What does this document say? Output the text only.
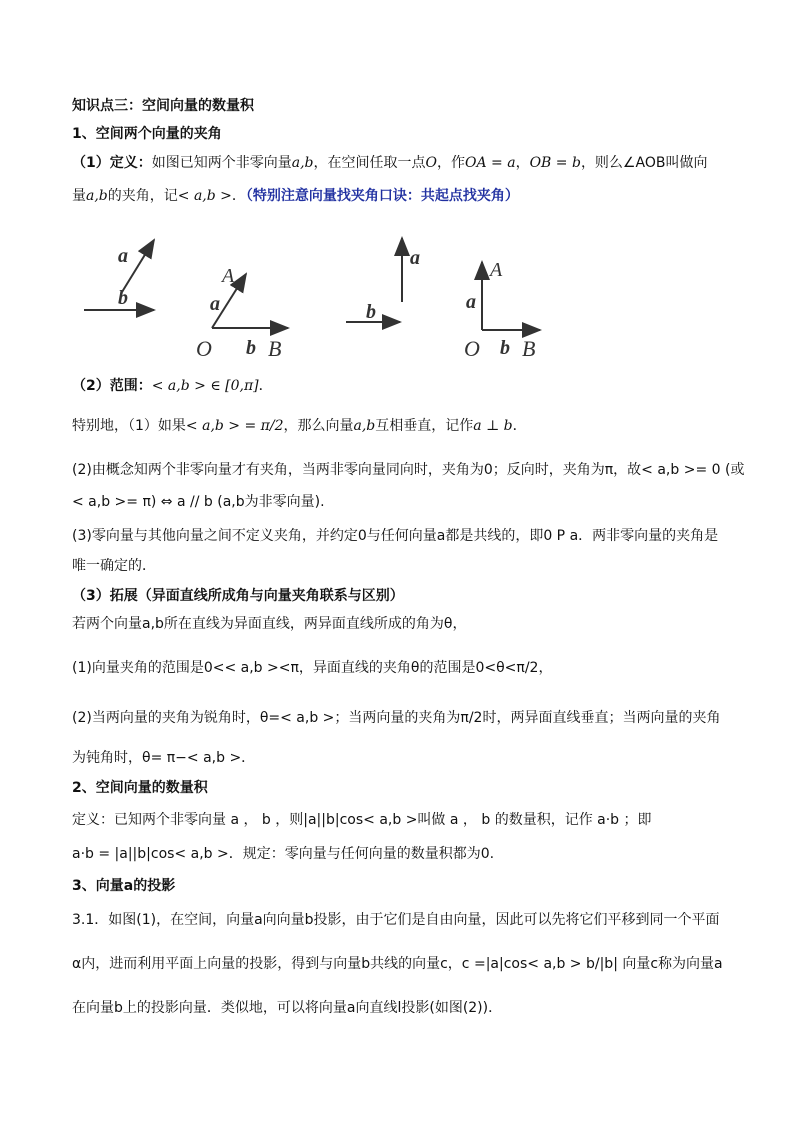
知识点三：空间向量的数量积
1、空间两个向量的夹角
（1）定义：如图已知两个非零向量a,b，在空间任取一点O，作OA = a，OB = b，则么∠AOB叫做向
量a,b的夹角，记< a,b >．（特别注意向量找夹角口诀：共起点找夹角）
a
b
A
a
O b B
a
b
A
a
O b B
（2）范围：< a,b > ∈ [0,π]．
特别地，（1）如果< a,b > = π/2，那么向量a,b互相垂直，记作a ⊥ b．
(2)由概念知两个非零向量才有夹角，当两非零向量同向时，夹角为0；反向时，夹角为π，故< a,b >= 0 (或
< a,b >= π) ⇔ a // b (a,b为非零向量).
(3)零向量与其他向量之间不定义夹角，并约定0与任何向量a都是共线的，即0 P a．两非零向量的夹角是
唯一确定的．
（3）拓展（异面直线所成角与向量夹角联系与区别）
若两个向量a,b所在直线为异面直线，两异面直线所成的角为θ，
(1)向量夹角的范围是0<< a,b ><π，异面直线的夹角θ的范围是0<θ<π/2，
(2)当两向量的夹角为锐角时，θ=< a,b >；当两向量的夹角为π/2时，两异面直线垂直；当两向量的夹角
为钝角时，θ= π−< a,b >．
2、空间向量的数量积
定义：已知两个非零向量 a ， b ，则|a||b|cos< a,b >叫做 a ， b 的数量积，记作 a·b ；即
a·b = |a||b|cos< a,b >．规定：零向量与任何向量的数量积都为0.
3、向量a的投影
3.1．如图(1)，在空间，向量a向向量b投影，由于它们是自由向量，因此可以先将它们平移到同一个平面
α内，进而利用平面上向量的投影，得到与向量b共线的向量c，c =|a|cos< a,b > b/|b| 向量c称为向量a
在向量b上的投影向量．类似地，可以将向量a向直线l投影(如图(2))．
